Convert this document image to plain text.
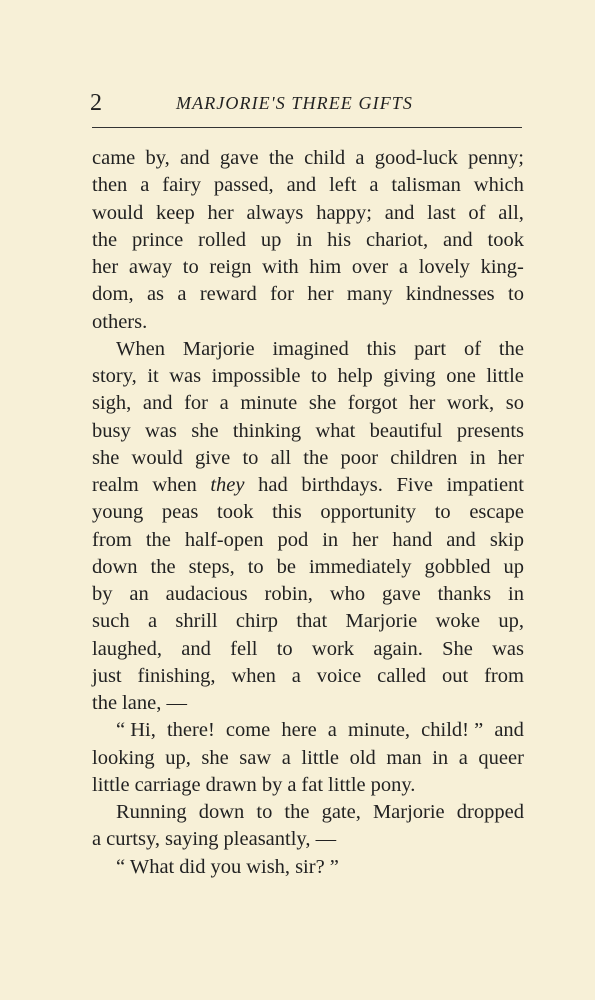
2	MARJORIE'S THREE GIFTS
came by, and gave the child a good-luck penny;
then a fairy passed, and left a talisman which
would keep her always happy; and last of all,
the prince rolled up in his chariot, and took
her away to reign with him over a lovely king-
dom, as a reward for her many kindnesses to
others.
When Marjorie imagined this part of the
story, it was impossible to help giving one little
sigh, and for a minute she forgot her work, so
busy was she thinking what beautiful presents
she would give to all the poor children in her
realm when they had birthdays. Five impatient
young peas took this opportunity to escape
from the half-open pod in her hand and skip
down the steps, to be immediately gobbled up
by an audacious robin, who gave thanks in
such a shrill chirp that Marjorie woke up,
laughed, and fell to work again. She was
just finishing, when a voice called out from
the lane, —
“ Hi, there! come here a minute, child! ” and
looking up, she saw a little old man in a queer
little carriage drawn by a fat little pony.
Running down to the gate, Marjorie dropped
a curtsy, saying pleasantly, —
“ What did you wish, sir? ”
